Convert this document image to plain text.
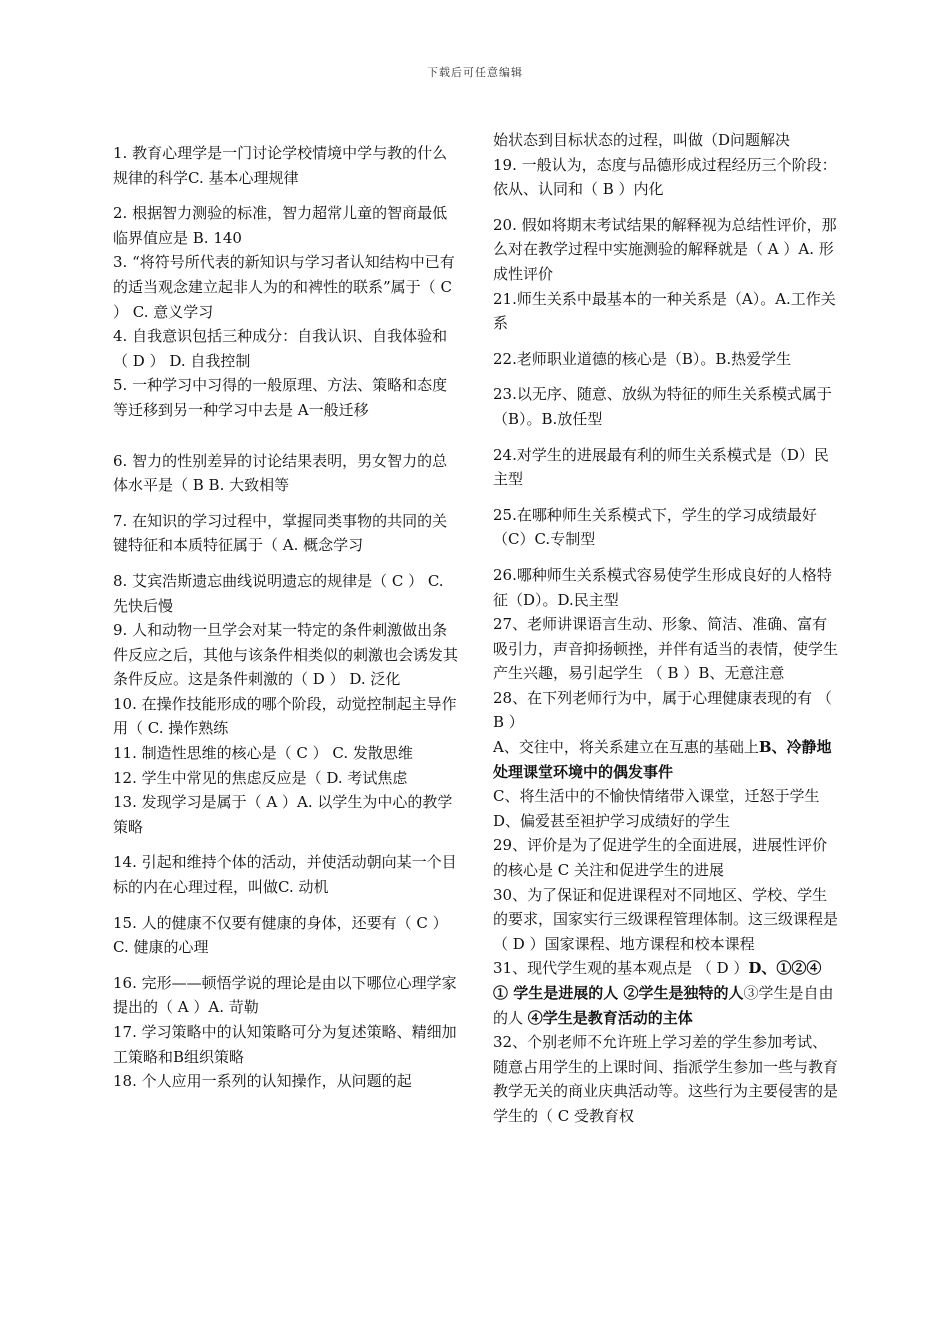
下载后可任意编辑

1. 教育心理学是一门讨论学校情境中学与教的什么规律的科学C. 基本心理规律

2. 根据智力测验的标准，智力超常儿童的智商最低临界值应是 B. 140

3. “将符号所代表的新知识与学习者认知结构中已有的适当观念建立起非人为的和裨性的联系”属于（ C ） C. 意义学习

4. 自我意识包括三种成分：自我认识、自我体验和（ D ） D. 自我控制

5. 一种学习中习得的一般原理、方法、策略和态度等迁移到另一种学习中去是 A一般迁移

6. 智力的性别差异的讨论结果表明，男女智力的总体水平是（ B B. 大致相等

7. 在知识的学习过程中，掌握同类事物的共同的关键特征和本质特征属于（ A. 概念学习

8. 艾宾浩斯遗忘曲线说明遗忘的规律是（ C ） C. 先快后慢

9. 人和动物一旦学会对某一特定的条件刺激做出条件反应之后，其他与该条件相类似的刺激也会诱发其条件反应。这是条件刺激的（ D ） D. 泛化

10. 在操作技能形成的哪个阶段，动觉控制起主导作用（ C. 操作熟练

11. 制造性思维的核心是（ C ） C. 发散思维

12. 学生中常见的焦虑反应是（ D. 考试焦虑

13. 发现学习是属于（ A ）A. 以学生为中心的教学策略

14. 引起和维持个体的活动，并使活动朝向某一个目标的内在心理过程，叫做C. 动机

15. 人的健康不仅要有健康的身体，还要有（ C ） C. 健康的心理

16. 完形——顿悟学说的理论是由以下哪位心理学家提出的（ A ）A. 苛勒

17. 学习策略中的认知策略可分为复述策略、精细加工策略和B组织策略

18. 个人应用一系列的认知操作，从问题的起

始状态到目标状态的过程，叫做（D问题解决

19. 一般认为，态度与品德形成过程经历三个阶段：依从、认同和（ B ）内化

20. 假如将期末考试结果的解释视为总结性评价，那么对在教学过程中实施测验的解释就是（ A ）A. 形成性评价

21.师生关系中最基本的一种关系是（A）。A.工作关系

22.老师职业道德的核心是（B）。B.热爱学生

23.以无序、随意、放纵为特征的师生关系模式属于（B）。B.放任型

24.对学生的进展最有利的师生关系模式是（D）民主型

25.在哪种师生关系模式下，学生的学习成绩最好（C）C.专制型

26.哪种师生关系模式容易使学生形成良好的人格特征（D）。D.民主型

27、老师讲课语言生动、形象、简洁、准确、富有吸引力，声音抑扬顿挫，并伴有适当的表情，使学生产生兴趣，易引起学生 （ B ）B、无意注意

28、在下列老师行为中，属于心理健康表现的有 （ B ）

A、交往中，将关系建立在互惠的基础上B、冷静地处理课堂环境中的偶发事件

C、将生活中的不愉快情绪带入课堂，迁怒于学生D、偏爱甚至袒护学习成绩好的学生

29、评价是为了促进学生的全面进展，进展性评价的核心是 C 关注和促进学生的进展

30、为了保证和促进课程对不同地区、学校、学生的要求，国家实行三级课程管理体制。这三级课程是 （ D ）国家课程、地方课程和校本课程

31、现代学生观的基本观点是 （ D ）D、①②④

① 学生是进展的人 ②学生是独特的人③学生是自由的人 ④学生是教育活动的主体

32、个别老师不允许班上学习差的学生参加考试、随意占用学生的上课时间、指派学生参加一些与教育教学无关的商业庆典活动等。这些行为主要侵害的是学生的（ C 受教育权
